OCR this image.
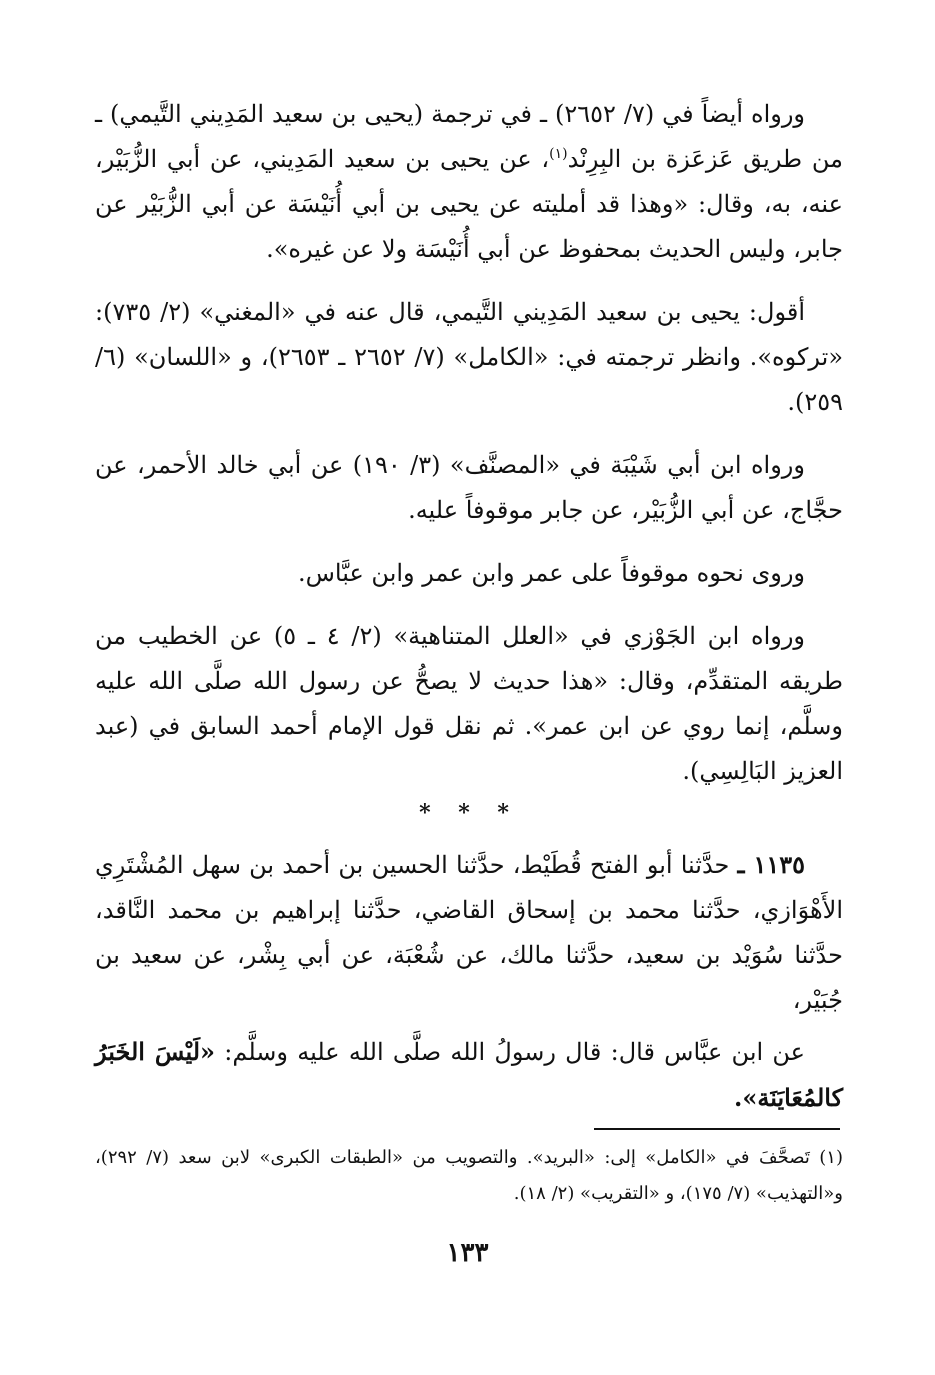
ورواه أيضاً في (٧/ ٢٦٥٢) ـ في ترجمة (يحيى بن سعيد المَدِيني التَّيمي) ـ من طريق عَزعَزة بن البِرِنْد$^{(١)}$، عن يحيى بن سعيد المَدِيني، عن أبي الزُّبَيْر، عنه، به، وقال: «وهذا قد أمليته عن يحيى بن أبي أُنَيْسَة عن أبي الزُّبَيْر عن جابر، وليس الحديث بمحفوظ عن أبي أُنَيْسَة ولا عن غيره».

أقول: يحيى بن سعيد المَدِيني التَّيمي، قال عنه في «المغني» (٢/ ٧٣٥): «تركوه». وانظر ترجمته في: «الكامل» (٧/ ٢٦٥٢ ـ ٢٦٥٣)، و «اللسان» (٦/ ٢٥٩).

ورواه ابن أبي شَيْبَة في «المصنَّف» (٣/ ١٩٠) عن أبي خالد الأحمر، عن حجَّاج، عن أبي الزُّبَيْر، عن جابر موقوفاً عليه.

وروى نحوه موقوفاً على عمر وابن عمر وابن عبَّاس.

ورواه ابن الجَوْزي في «العلل المتناهية» (٢/ ٤ ـ ٥) عن الخطيب من طريقه المتقدِّم، وقال: «هذا حديث لا يصحُّ عن رسول الله صلَّى الله عليه وسلَّم، إنما روي عن ابن عمر». ثم نقل قول الإمام أحمد السابق في (عبد العزيز البَالِسِي).

* * *

١١٣٥ ـ حدَّثنا أبو الفتح قُطَيْط، حدَّثنا الحسين بن أحمد بن سهل المُشْتَرِي الأَهْوَازي، حدَّثنا محمد بن إسحاق القاضي، حدَّثنا إبراهيم بن محمد النَّاقد، حدَّثنا سُوَيْد بن سعيد، حدَّثنا مالك، عن شُعْبَة، عن أبي بِشْر، عن سعيد بن جُبَيْر،

عن ابن عبَّاس قال: قال رسولُ الله صلَّى الله عليه وسلَّم: «لَيْسَ الخَبَرُ كالمُعَايَنَة».

(١) تَصحَّفَ في «الكامل» إلى: «البريد». والتصويب من «الطبقات الكبرى» لابن سعد (٧/ ٢٩٢)، و«التهذيب» (٧/ ١٧٥)، و «التقريب» (٢/ ١٨).
١٣٣
